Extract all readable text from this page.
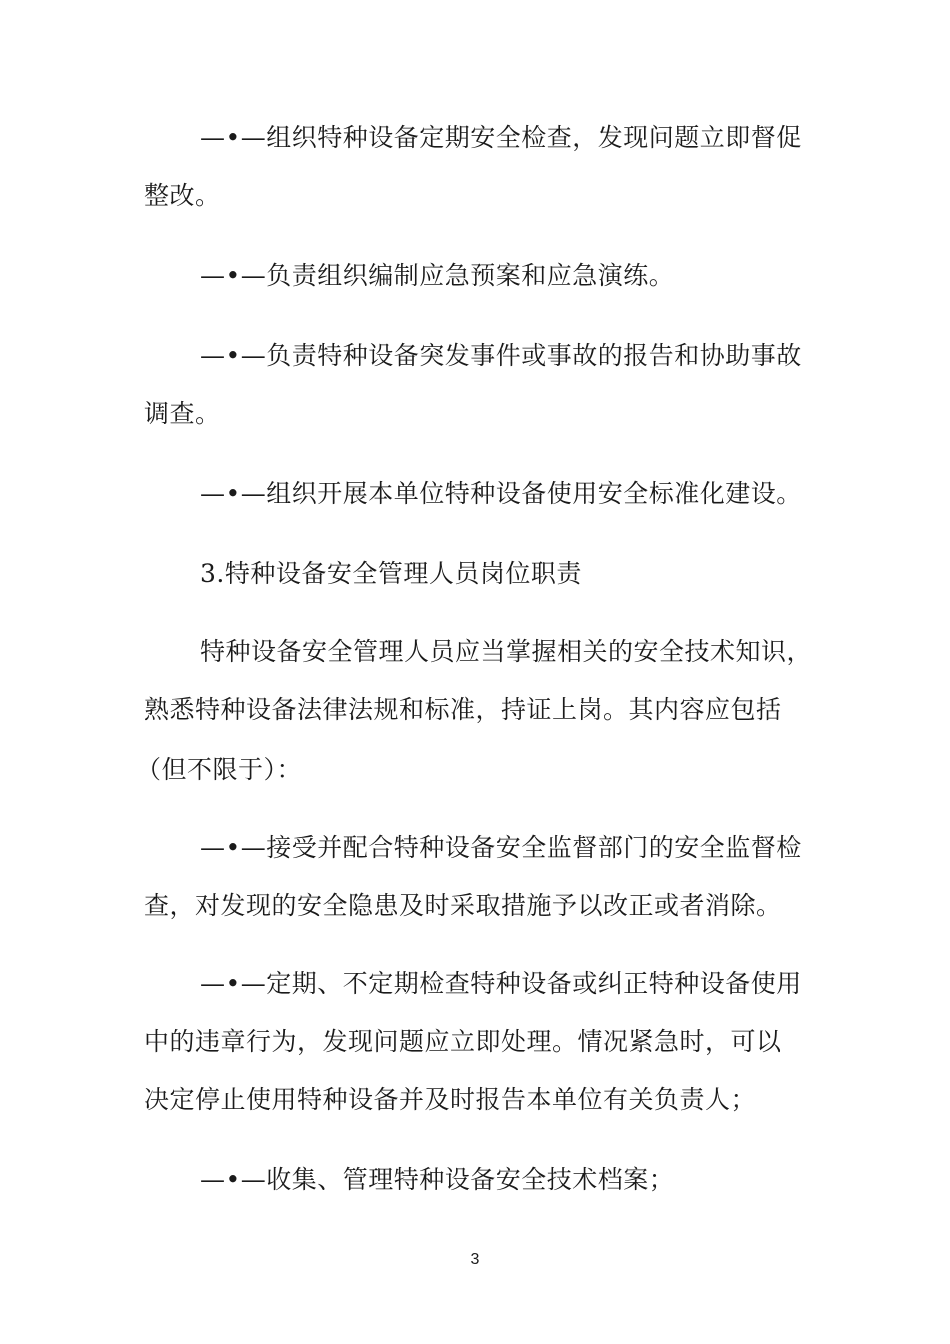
—•—组织特种设备定期安全检查，发现问题立即督促
整改。
—•—负责组织编制应急预案和应急演练。
—•—负责特种设备突发事件或事故的报告和协助事故
调查。
—•—组织开展本单位特种设备使用安全标准化建设。
3.特种设备安全管理人员岗位职责
特种设备安全管理人员应当掌握相关的安全技术知识，
熟悉特种设备法律法规和标准，持证上岗。其内容应包括
（但不限于）：
—•—接受并配合特种设备安全监督部门的安全监督检
查，对发现的安全隐患及时采取措施予以改正或者消除。
—•—定期、不定期检查特种设备或纠正特种设备使用
中的违章行为，发现问题应立即处理。情况紧急时，可以
决定停止使用特种设备并及时报告本单位有关负责人；
—•—收集、管理特种设备安全技术档案；
3
